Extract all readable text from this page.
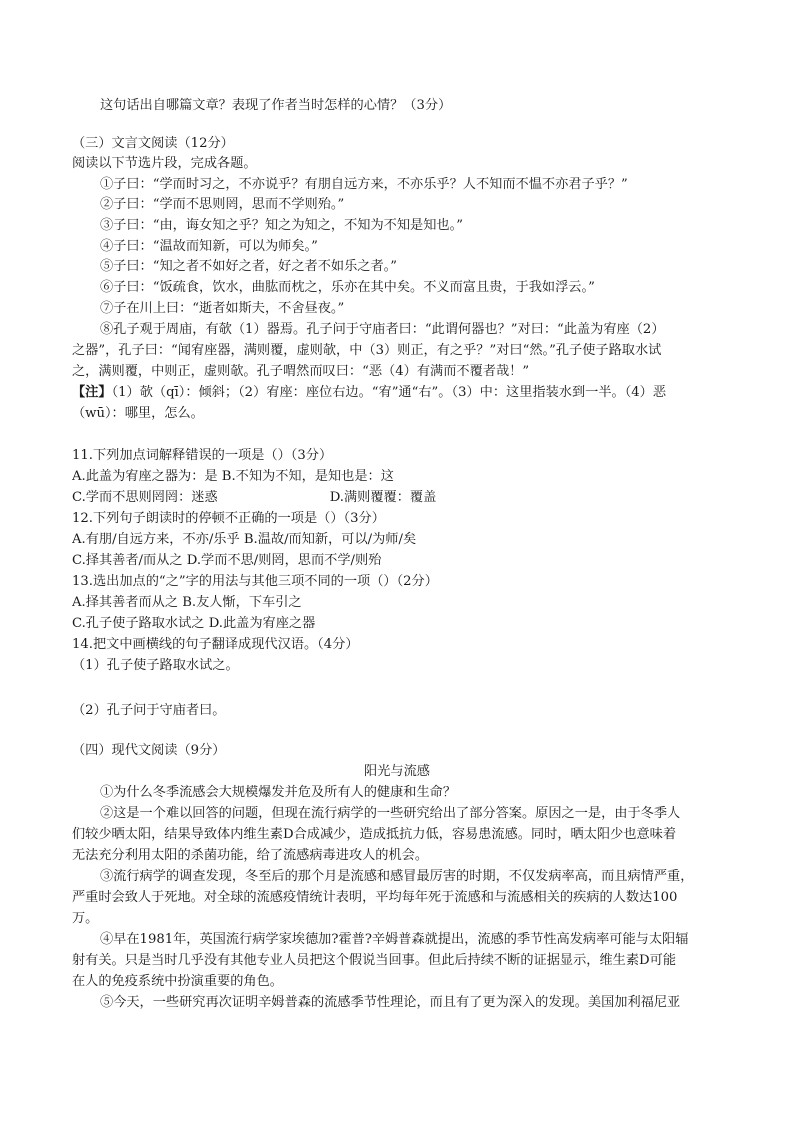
这句话出自哪篇文章？表现了作者当时怎样的心情？（3分）
（三）文言文阅读（12分）
阅读以下节选片段，完成各题。
①子曰：“学而时习之，不亦说乎？有朋自远方来，不亦乐乎？人不知而不愠不亦君子乎？”
②子曰：“学而不思则罔，思而不学则殆。”
③子曰：“由，诲女知之乎？知之为知之，不知为不知是知也。”
④子曰：“温故而知新，可以为师矣。”
⑤子曰：“知之者不如好之者，好之者不如乐之者。”
⑥子曰：“饭疏食，饮水，曲肱而枕之，乐亦在其中矣。不义而富且贵，于我如浮云。”
⑦子在川上曰：“逝者如斯夫，不舍昼夜。”
⑧孔子观于周庙，有欹（1）器焉。孔子问于守庙者曰：“此谓何器也？”对曰：“此盖为宥座（2）
之器”，孔子曰：“闻宥座器，满则覆，虚则欹，中（3）则正，有之乎？”对曰“然。”孔子使子路取水试
之，满则覆，中则正，虚则欹。孔子喟然而叹曰：“恶（4）有满而不覆者哉！”
【注】（1）欹（qī）：倾斜；（2）宥座：座位右边。“宥”通“右”。（3）中：这里指装水到一半。（4）恶
（wū）：哪里，怎么。
11.下列加点词解释错误的一项是（）（3分）
A.此盖为宥座之器为：是 B.不知为不知，是知也是：这
C.学而不思则罔罔：迷惑	D.满则覆覆：覆盖
12.下列句子朗读时的停顿不正确的一项是（）（3分）
A.有朋/自远方来，不亦/乐乎 B.温故/而知新，可以/为师/矣
C.择其善者/而从之 D.学而不思/则罔，思而不学/则殆
13.选出加点的“之”字的用法与其他三项不同的一项（）（2分）
A.择其善者而从之 B.友人惭，下车引之
C.孔子使子路取水试之 D.此盖为宥座之器
14.把文中画横线的句子翻译成现代汉语。（4分）
（1）孔子使子路取水试之。
（2）孔子问于守庙者曰。
（四）现代文阅读（9分）
阳光与流感
①为什么冬季流感会大规模爆发并危及所有人的健康和生命？
②这是一个难以回答的问题，但现在流行病学的一些研究给出了部分答案。原因之一是，由于冬季人
们较少晒太阳，结果导致体内维生素D合成减少，造成抵抗力低，容易患流感。同时，晒太阳少也意味着
无法充分利用太阳的杀菌功能，给了流感病毒进攻人的机会。
③流行病学的调查发现，冬至后的那个月是流感和感冒最厉害的时期，不仅发病率高，而且病情严重，
严重时会致人于死地。对全球的流感疫情统计表明，平均每年死于流感和与流感相关的疾病的人数达100
万。
④早在1981年，英国流行病学家埃德加?霍普?辛姆普森就提出，流感的季节性高发病率可能与太阳辐
射有关。只是当时几乎没有其他专业人员把这个假说当回事。但此后持续不断的证据显示，维生素D可能
在人的免疫系统中扮演重要的角色。
⑤今天，一些研究再次证明辛姆普森的流感季节性理论，而且有了更为深入的发现。美国加利福尼亚
